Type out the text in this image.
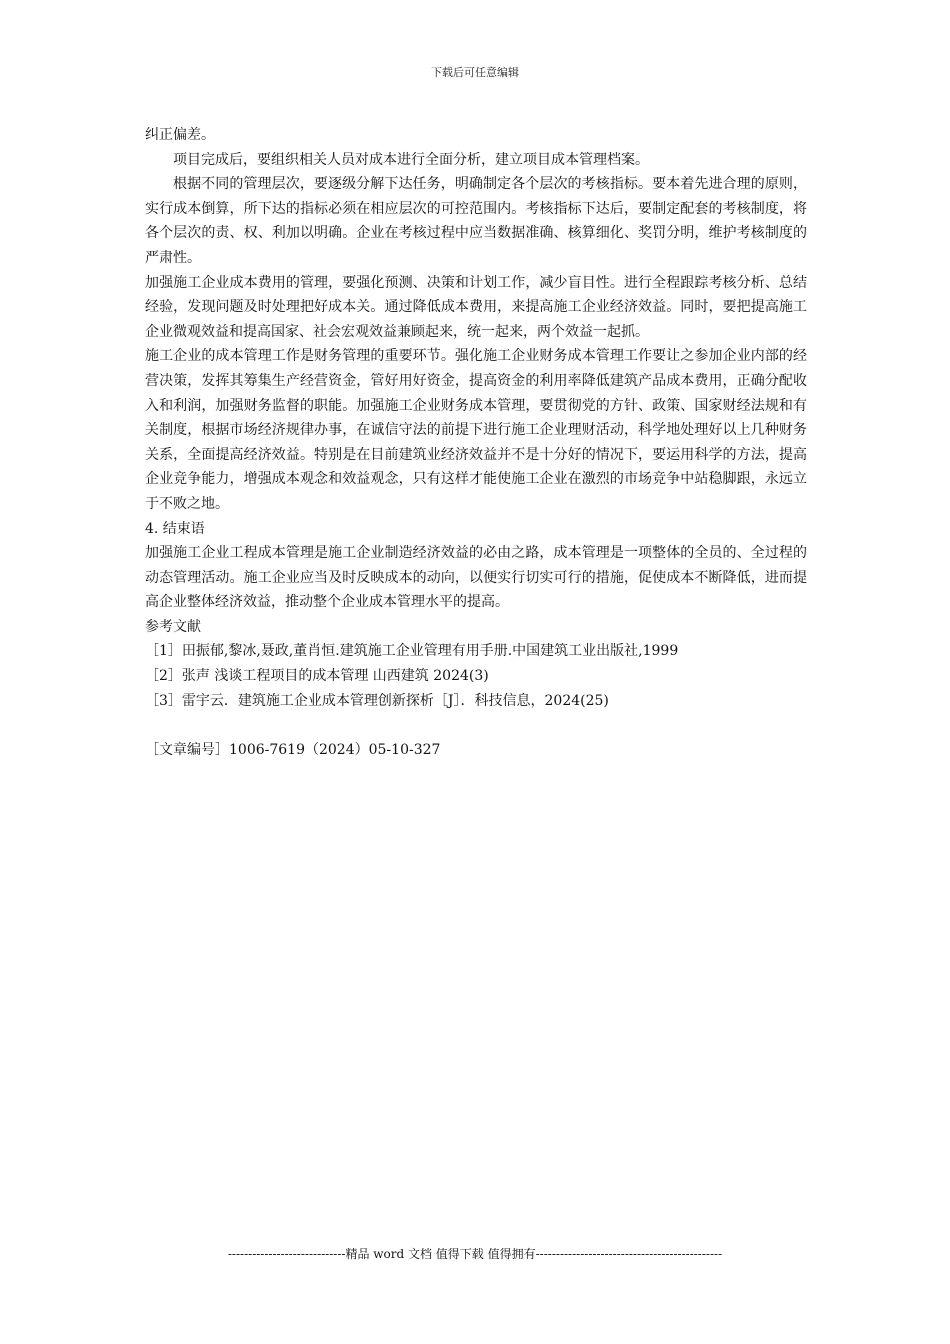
下载后可任意编辑

纠正偏差。

项目完成后，要组织相关人员对成本进行全面分析，建立项目成本管理档案。

根据不同的管理层次，要逐级分解下达任务，明确制定各个层次的考核指标。要本着先进合理的原则，实行成本倒算，所下达的指标必须在相应层次的可控范围内。考核指标下达后，要制定配套的考核制度，将各个层次的责、权、利加以明确。企业在考核过程中应当数据准确、核算细化、奖罚分明，维护考核制度的严肃性。

加强施工企业成本费用的管理，要强化预测、决策和计划工作，减少盲目性。进行全程跟踪考核分析、总结经验，发现问题及时处理把好成本关。通过降低成本费用，来提高施工企业经济效益。同时，要把提高施工企业微观效益和提高国家、社会宏观效益兼顾起来，统一起来，两个效益一起抓。

施工企业的成本管理工作是财务管理的重要环节。强化施工企业财务成本管理工作要让之参加企业内部的经营决策，发挥其筹集生产经营资金，管好用好资金，提高资金的利用率降低建筑产品成本费用，正确分配收入和利润，加强财务监督的职能。加强施工企业财务成本管理，要贯彻党的方针、政策、国家财经法规和有关制度，根据市场经济规律办事，在诚信守法的前提下进行施工企业理财活动，科学地处理好以上几种财务关系，全面提高经济效益。特别是在目前建筑业经济效益并不是十分好的情况下，要运用科学的方法，提高企业竞争能力，增强成本观念和效益观念，只有这样才能使施工企业在激烈的市场竞争中站稳脚跟，永远立于不败之地。

4. 结束语

加强施工企业工程成本管理是施工企业制造经济效益的必由之路，成本管理是一项整体的全员的、全过程的动态管理活动。施工企业应当及时反映成本的动向，以便实行切实可行的措施，促使成本不断降低，进而提高企业整体经济效益，推动整个企业成本管理水平的提高。

参考文献

［1］田振郁,黎冰,聂政,董肖恒.建筑施工企业管理有用手册.中国建筑工业出版社,1999

［2］张声 浅谈工程项目的成本管理 山西建筑 2024(3)

［3］雷宇云．建筑施工企业成本管理创新探析［J］．科技信息，2024(25)

［文章编号］1006-7619（2024）05-10-327

-----------------------------精品 word 文档 值得下载 值得拥有----------------------------------------------
